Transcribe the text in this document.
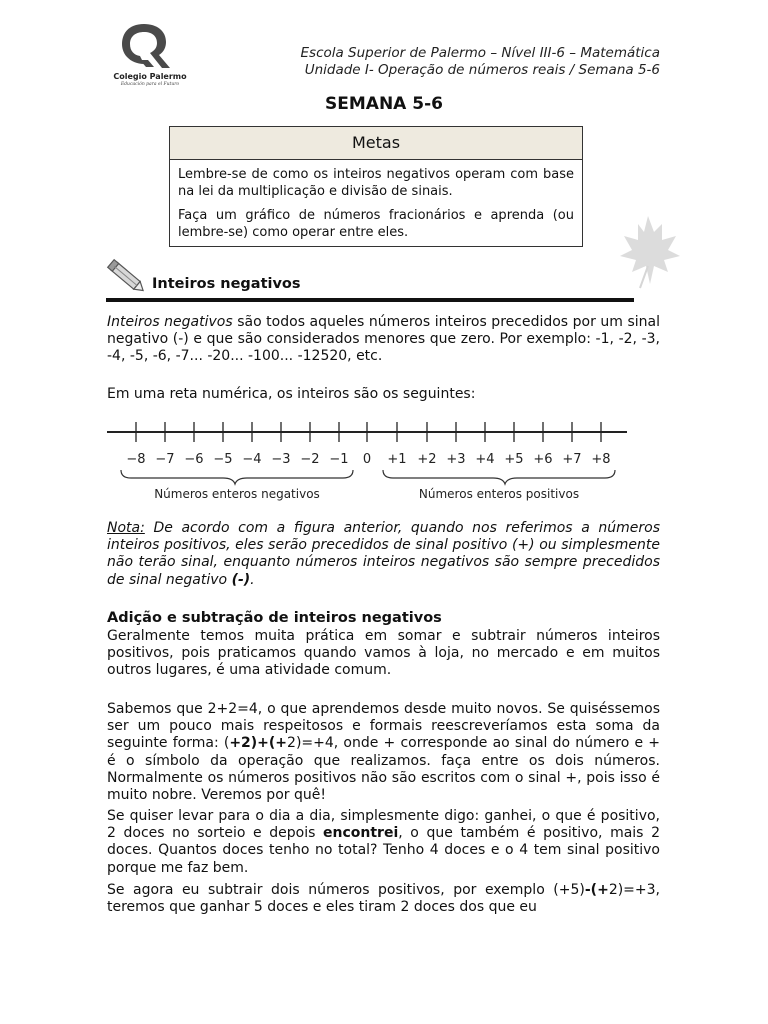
Colegio Palermo
Educación para el Futuro
Escola Superior de Palermo – Nível III-6 – Matemática
Unidade I- Operação de números reais / Semana 5-6
SEMANA 5-6
Metas

Lembre-se de como os inteiros negativos operam com base na lei da multiplicação e divisão de sinais.

Faça um gráfico de números fracionários e aprenda (ou lembre-se) como operar entre eles.

Inteiros negativos

Inteiros negativos são todos aqueles números inteiros precedidos por um sinal negativo (-) e que são considerados menores que zero. Por exemplo: -1, -2, -3, -4, -5, -6, -7... -20... -100... -12520, etc.

Em uma reta numérica, os inteiros são os seguintes:
−8 −7 −6 −5 −4 −3 −2 −1 0 +1 +2 +3 +4 +5 +6 +7 +8
Números enteros negativos	Números enteros positivos

Nota: De acordo com a figura anterior, quando nos referimos a números inteiros positivos, eles serão precedidos de sinal positivo (+) ou simplesmente não terão sinal, enquanto números inteiros negativos são sempre precedidos de sinal negativo (-).

Adição e subtração de inteiros negativos
Geralmente temos muita prática em somar e subtrair números inteiros positivos, pois praticamos quando vamos à loja, no mercado e em muitos outros lugares, é uma atividade comum.

Sabemos que 2+2=4, o que aprendemos desde muito novos. Se quiséssemos ser um pouco mais respeitosos e formais reescreveríamos esta soma da seguinte forma: (+2)+(+2)=+4, onde + corresponde ao sinal do número e + é o símbolo da operação que realizamos. faça entre os dois números. Normalmente os números positivos não são escritos com o sinal +, pois isso é muito nobre. Veremos por quê!

Se quiser levar para o dia a dia, simplesmente digo: ganhei, o que é positivo, 2 doces no sorteio e depois encontrei, o que também é positivo, mais 2 doces. Quantos doces tenho no total? Tenho 4 doces e o 4 tem sinal positivo porque me faz bem.

Se agora eu subtrair dois números positivos, por exemplo (+5)-(+2)=+3, teremos que ganhar 5 doces e eles tiram 2 doces dos que eu
